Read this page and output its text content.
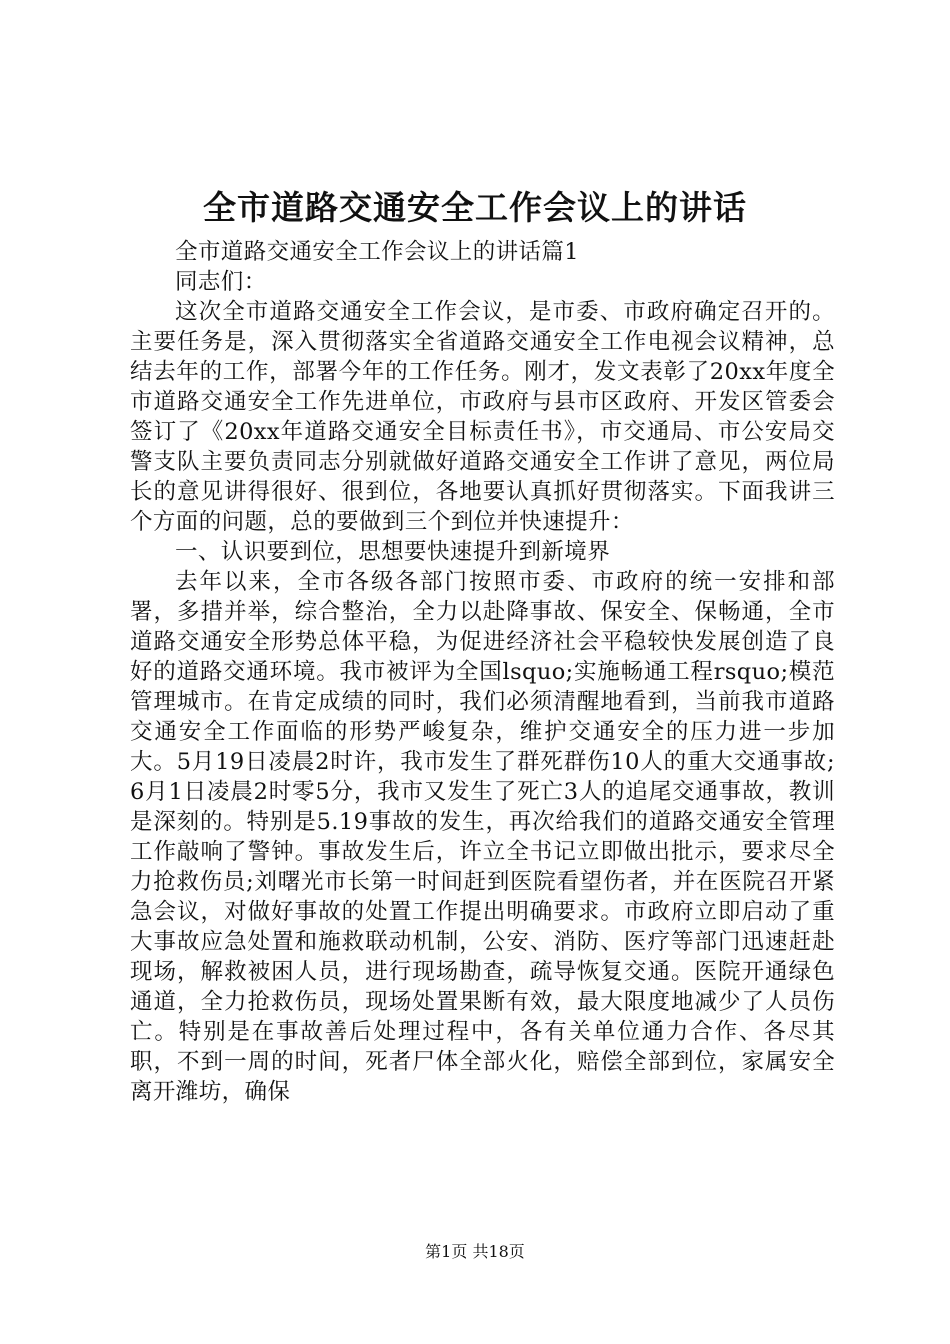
全市道路交通安全工作会议上的讲话

全市道路交通安全工作会议上的讲话篇1

同志们：

这次全市道路交通安全工作会议，是市委、市政府确定召开的。主要任务是，深入贯彻落实全省道路交通安全工作电视会议精神，总结去年的工作，部署今年的工作任务。刚才，发文表彰了20xx年度全市道路交通安全工作先进单位，市政府与县市区政府、开发区管委会签订了《20xx年道路交通安全目标责任书》，市交通局、市公安局交警支队主要负责同志分别就做好道路交通安全工作讲了意见，两位局长的意见讲得很好、很到位，各地要认真抓好贯彻落实。下面我讲三个方面的问题，总的要做到三个到位并快速提升：

一、认识要到位，思想要快速提升到新境界

去年以来，全市各级各部门按照市委、市政府的统一安排和部署，多措并举，综合整治，全力以赴降事故、保安全、保畅通，全市道路交通安全形势总体平稳，为促进经济社会平稳较快发展创造了良好的道路交通环境。我市被评为全国lsquo;实施畅通工程rsquo;模范管理城市。在肯定成绩的同时，我们必须清醒地看到，当前我市道路交通安全工作面临的形势严峻复杂，维护交通安全的压力进一步加大。5月19日凌晨2时许，我市发生了群死群伤10人的重大交通事故;6月1日凌晨2时零5分，我市又发生了死亡3人的追尾交通事故，教训是深刻的。特别是5.19事故的发生，再次给我们的道路交通安全管理工作敲响了警钟。事故发生后，许立全书记立即做出批示，要求尽全力抢救伤员;刘曙光市长第一时间赶到医院看望伤者，并在医院召开紧急会议，对做好事故的处置工作提出明确要求。市政府立即启动了重大事故应急处置和施救联动机制，公安、消防、医疗等部门迅速赶赴现场，解救被困人员，进行现场勘查，疏导恢复交通。医院开通绿色通道，全力抢救伤员，现场处置果断有效，最大限度地减少了人员伤亡。特别是在事故善后处理过程中，各有关单位通力合作、各尽其职，不到一周的时间，死者尸体全部火化，赔偿全部到位，家属安全离开潍坊，确保

第1页 共18页
